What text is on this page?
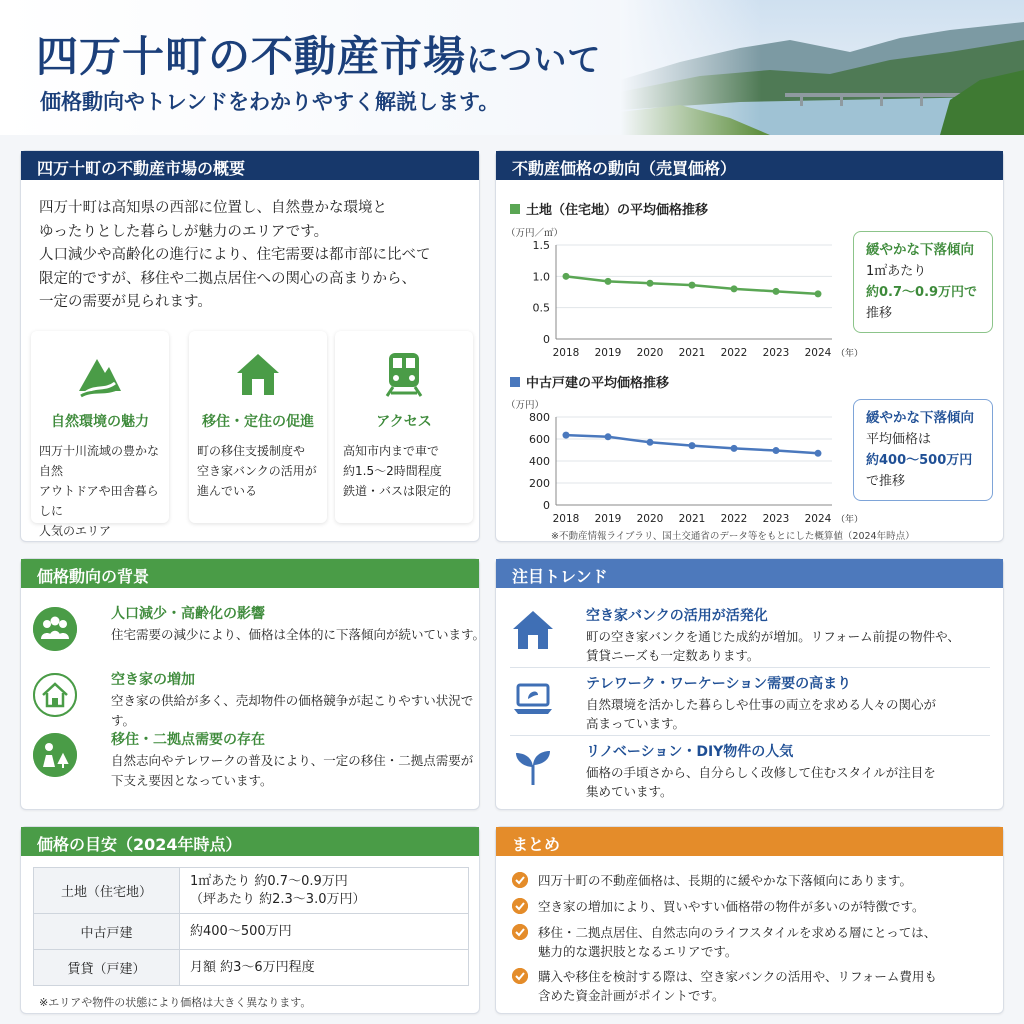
四万十町の不動産市場について
価格動向やトレンドをわかりやすく解説します。
四万十町の不動産市場の概要
四万十町は高知県の西部に位置し、自然豊かな環境と
ゆったりとした暮らしが魅力のエリアです。
人口減少や高齢化の進行により、住宅需要は都市部に比べて
限定的ですが、移住や二拠点居住への関心の高まりから、
一定の需要が見られます。
自然環境の魅力
四万十川流域の豊かな自然
アウトドアや田舎暮らしに
人気のエリア
移住・定住の促進
町の移住支援制度や
空き家バンクの活用が
進んでいる
アクセス
高知市内まで車で
約1.5〜2時間程度
鉄道・バスは限定的
不動産価格の動向（売買価格）
土地（住宅地）の平均価格推移
（万円／㎡）
0
0.5
1.0
1.5
2018 2019 2020 2021 2022 2023 2024 （年）
緩やかな下落傾向
1㎡あたり
約0.7〜0.9万円で
推移
中古戸建の平均価格推移
（万円）
0
200
400
600
800
2018 2019 2020 2021 2022 2023 2024 （年）
緩やかな下落傾向
平均価格は
約400〜500万円
で推移
※不動産情報ライブラリ、国土交通省のデータ等をもとにした概算値（2024年時点）
価格動向の背景
人口減少・高齢化の影響
住宅需要の減少により、価格は全体的に下落傾向が続いています。
空き家の増加
空き家の供給が多く、売却物件の価格競争が起こりやすい状況です。
移住・二拠点需要の存在
自然志向やテレワークの普及により、一定の移住・二拠点需要が
下支え要因となっています。
注目トレンド
空き家バンクの活用が活発化
町の空き家バンクを通じた成約が増加。リフォーム前提の物件や、
賃貸ニーズも一定数あります。
テレワーク・ワーケーション需要の高まり
自然環境を活かした暮らしや仕事の両立を求める人々の関心が
高まっています。
リノベーション・DIY物件の人気
価格の手頃さから、自分らしく改修して住むスタイルが注目を
集めています。
価格の目安（2024年時点）
土地（住宅地）	1㎡あたり 約0.7〜0.9万円
（坪あたり 約2.3〜3.0万円）
中古戸建	約400〜500万円
賃貸（戸建）	月額 約3〜6万円程度
※エリアや物件の状態により価格は大きく異なります。
まとめ
四万十町の不動産価格は、長期的に緩やかな下落傾向にあります。
空き家の増加により、買いやすい価格帯の物件が多いのが特徴です。
移住・二拠点居住、自然志向のライフスタイルを求める層にとっては、
魅力的な選択肢となるエリアです。
購入や移住を検討する際は、空き家バンクの活用や、リフォーム費用も
含めた資金計画がポイントです。
